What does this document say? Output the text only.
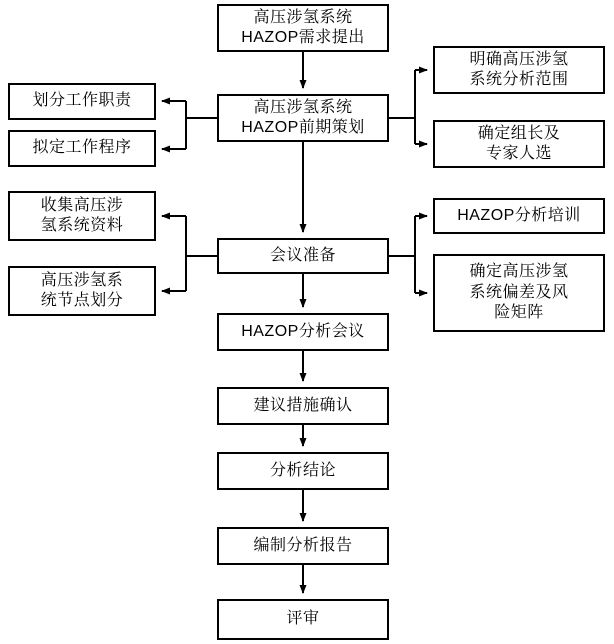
高压涉氢系统
HAZOP需求提出
高压涉氢系统
HAZOP前期策划
划分工作职责
拟定工作程序
明确高压涉氢
系统分析范围
确定组长及
专家人选
收集高压涉
氢系统资料
高压涉氢系
统节点划分
会议准备
HAZOP分析培训
确定高压涉氢
系统偏差及风
险矩阵
HAZOP分析会议
建议措施确认
分析结论
编制分析报告
评审
